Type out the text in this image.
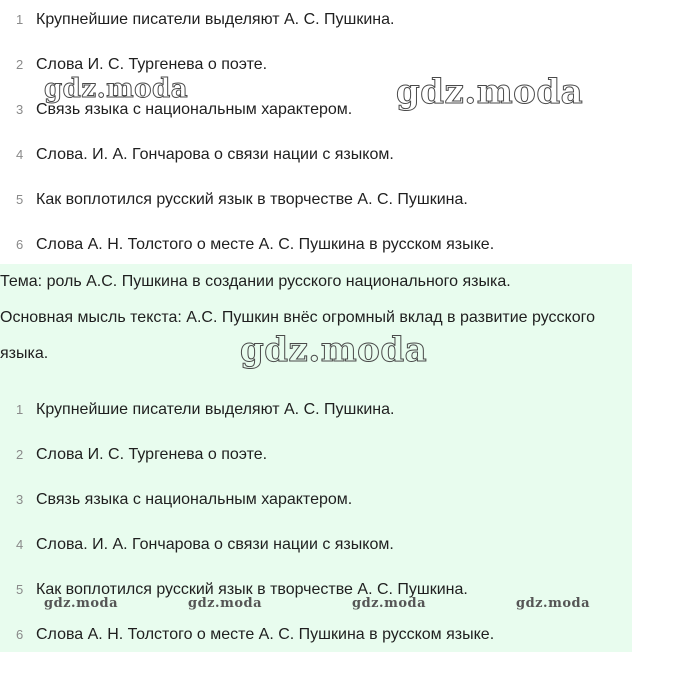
1 Крупнейшие писатели выделяют А. С. Пушкина.
2 Слова И. С. Тургенева о поэте.
3 Связь языка с национальным характером.
4 Слова. И. А. Гончарова о связи нации с языком.
5 Как воплотился русский язык в творчестве А. С. Пушкина.
6 Слова А. Н. Толстого о месте А. С. Пушкина в русском языке.
Тема: роль А.С. Пушкина в создании русского национального языка.
Основная мысль текста: А.С. Пушкин внёс огромный вклад в развитие русского языка.
1 Крупнейшие писатели выделяют А. С. Пушкина.
2 Слова И. С. Тургенева о поэте.
3 Связь языка с национальным характером.
4 Слова. И. А. Гончарова о связи нации с языком.
5 Как воплотился русский язык в творчестве А. С. Пушкина.
6 Слова А. Н. Толстого о месте А. С. Пушкина в русском языке.
gdz.moda	gdz.moda
gdz.moda
gdz.moda	gdz.moda	gdz.moda	gdz.moda
